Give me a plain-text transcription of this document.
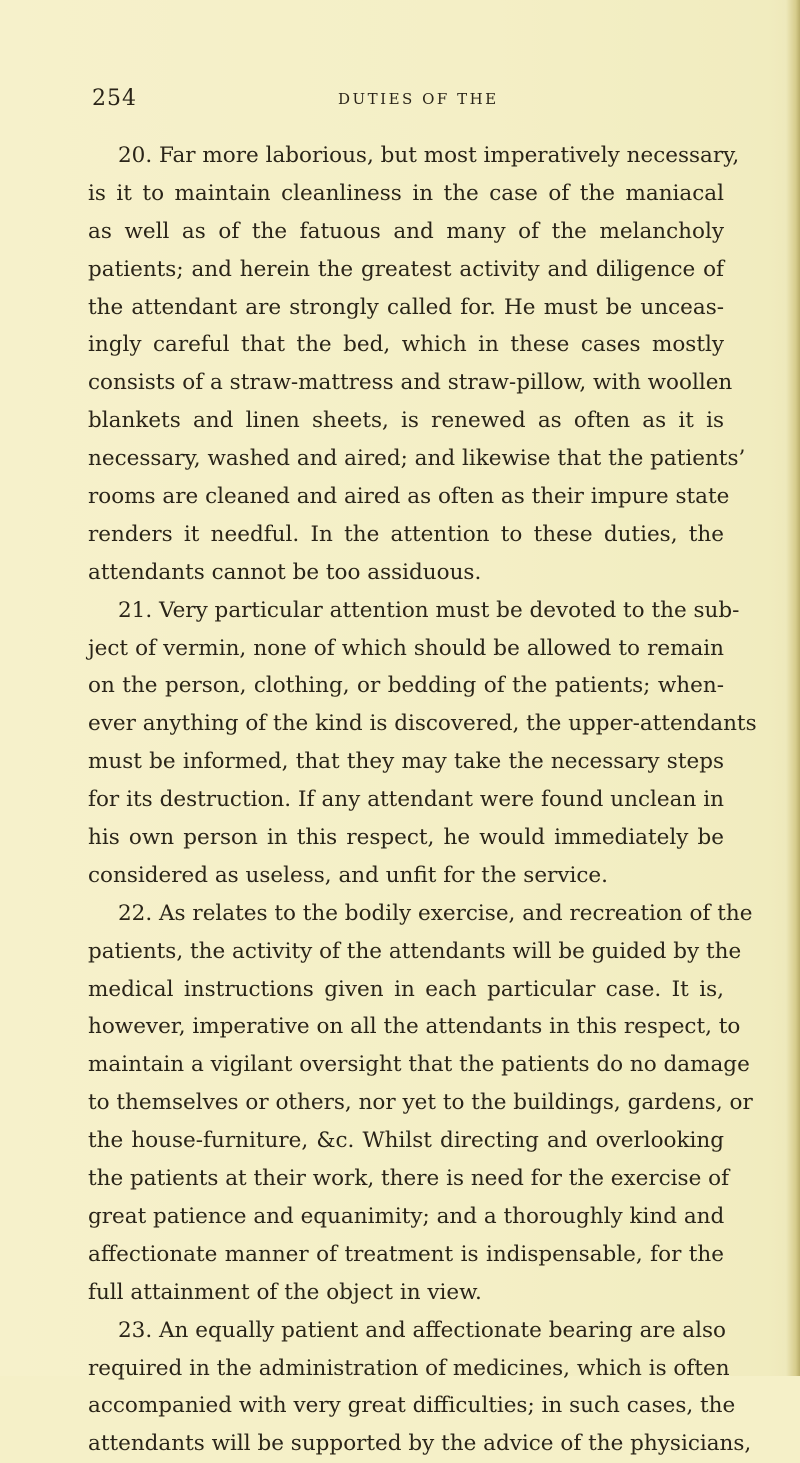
254	DUTIES OF THE
20. Far more laborious, but most imperatively necessary,
is it to maintain cleanliness in the case of the maniacal
as well as of the fatuous and many of the melancholy
patients; and herein the greatest activity and diligence of
the attendant are strongly called for. He must be unceas-
ingly careful that the bed, which in these cases mostly
consists of a straw-mattress and straw-pillow, with woollen
blankets and linen sheets, is renewed as often as it is
necessary, washed and aired; and likewise that the patients’
rooms are cleaned and aired as often as their impure state
renders it needful. In the attention to these duties, the
attendants cannot be too assiduous.
21. Very particular attention must be devoted to the sub-
ject of vermin, none of which should be allowed to remain
on the person, clothing, or bedding of the patients; when-
ever anything of the kind is discovered, the upper-attendants
must be informed, that they may take the necessary steps
for its destruction. If any attendant were found unclean in
his own person in this respect, he would immediately be
considered as useless, and unfit for the service.
22. As relates to the bodily exercise, and recreation of the
patients, the activity of the attendants will be guided by the
medical instructions given in each particular case. It is,
however, imperative on all the attendants in this respect, to
maintain a vigilant oversight that the patients do no damage
to themselves or others, nor yet to the buildings, gardens, or
the house-furniture, &c. Whilst directing and overlooking
the patients at their work, there is need for the exercise of
great patience and equanimity; and a thoroughly kind and
affectionate manner of treatment is indispensable, for the
full attainment of the object in view.
23. An equally patient and affectionate bearing are also
required in the administration of medicines, which is often
accompanied with very great difficulties; in such cases, the
attendants will be supported by the advice of the physicians,
